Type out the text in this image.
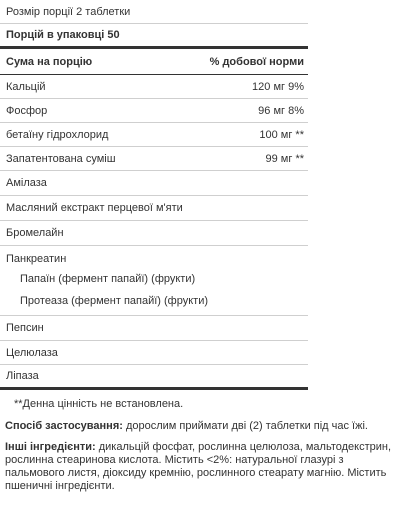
Розмір порції 2 таблетки
Порцій в упаковці 50
Сума на порцію	% добової норми
Кальцій	120 мг 9%
Фосфор	96 мг 8%
бетаїну гідрохлорид	100 мг **
Запатентована суміш	99 мг **
Амілаза
Масляний екстракт перцевої м'яти
Бромелайн
Панкреатин
Папаїн (фермент папайї) (фрукти)
Протеаза (фермент папайї) (фрукти)
Пепсин
Целюлаза
Ліпаза
**Денна цінність не встановлена.

Спосіб застосування: дорослим приймати дві (2) таблетки під час їжі.

Інші інгредієнти: дикальцій фосфат, рослинна целюлоза, мальтодекстрин, рослинна стеаринова кислота. Містить <2%: натуральної глазурі з пальмового листя, діоксиду кремнію, рослинного стеарату магнію. Містить пшеничні інгредієнти.
